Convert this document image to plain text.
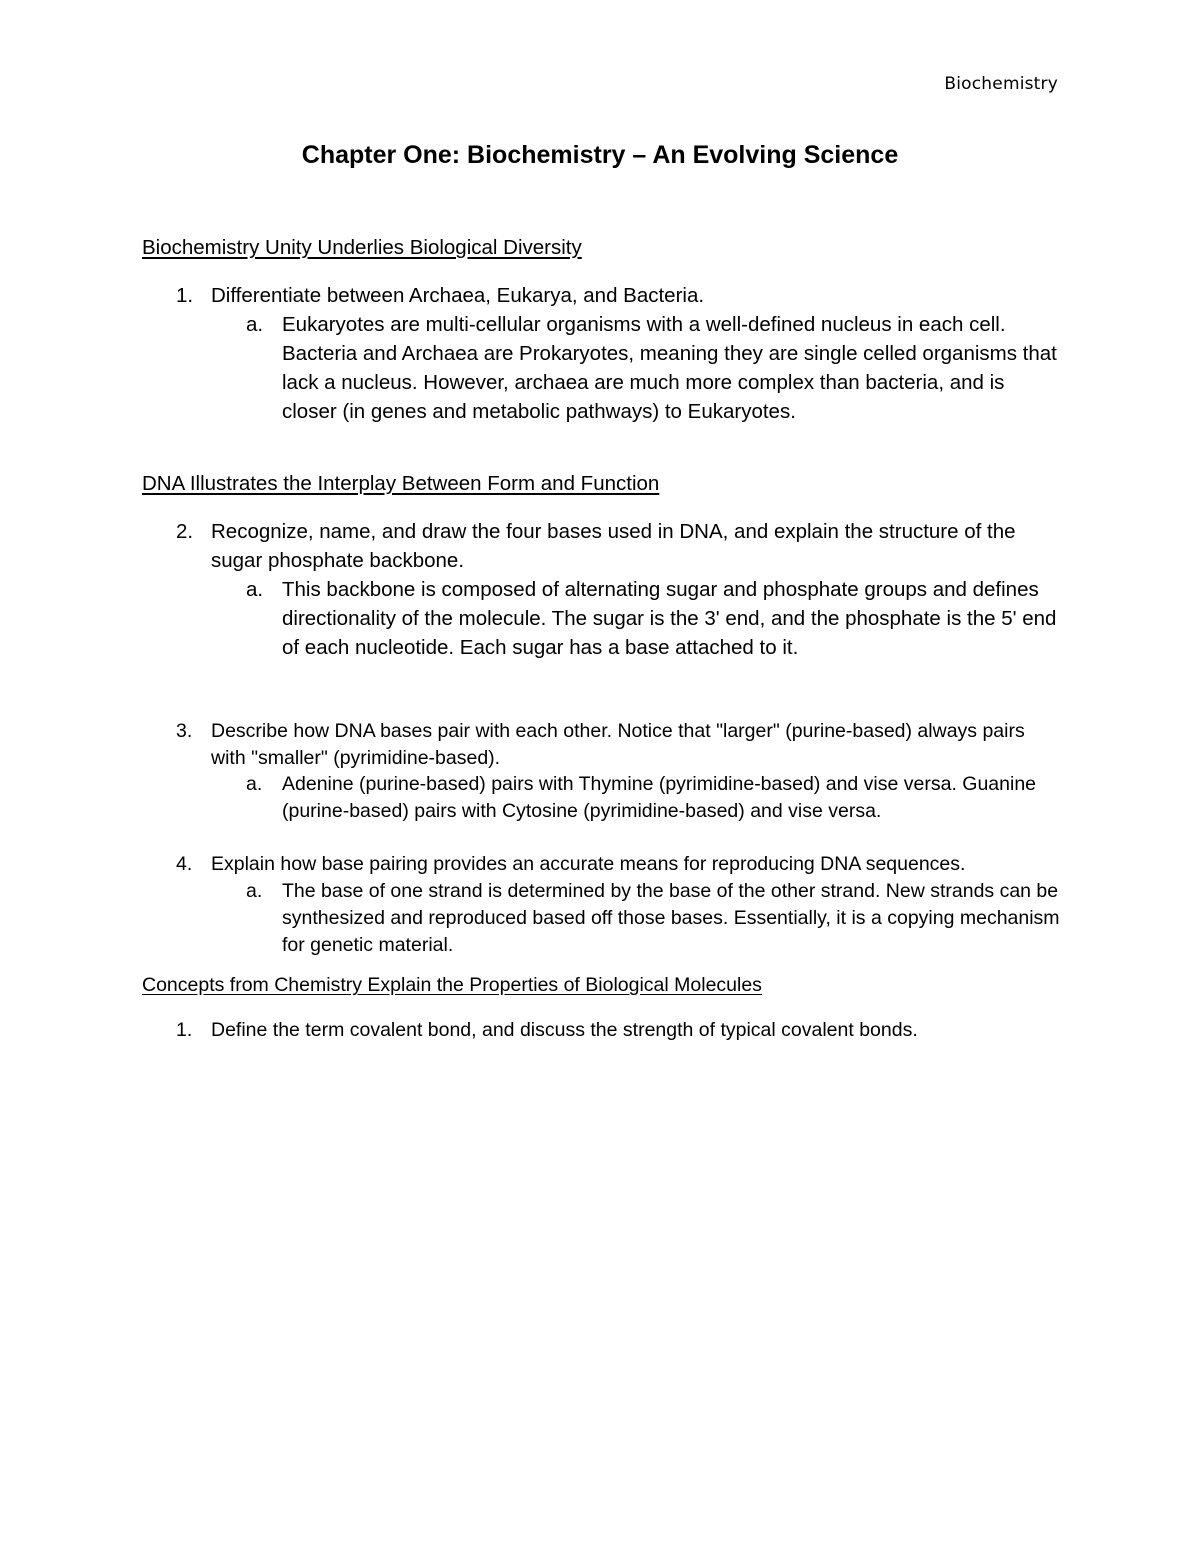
Biochemistry
Chapter One: Biochemistry – An Evolving Science
Biochemistry Unity Underlies Biological Diversity
1. Differentiate between Archaea, Eukarya, and Bacteria.
a. Eukaryotes are multi-cellular organisms with a well-defined nucleus in each cell. Bacteria and Archaea are Prokaryotes, meaning they are single celled organisms that lack a nucleus. However, archaea are much more complex than bacteria, and is closer (in genes and metabolic pathways) to Eukaryotes.
DNA Illustrates the Interplay Between Form and Function
2. Recognize, name, and draw the four bases used in DNA, and explain the structure of the sugar phosphate backbone.
a. This backbone is composed of alternating sugar and phosphate groups and defines directionality of the molecule. The sugar is the 3' end, and the phosphate is the 5' end of each nucleotide. Each sugar has a base attached to it.
3. Describe how DNA bases pair with each other. Notice that "larger" (purine-based) always pairs with "smaller" (pyrimidine-based).
a. Adenine (purine-based) pairs with Thymine (pyrimidine-based) and vise versa. Guanine (purine-based) pairs with Cytosine (pyrimidine-based) and vise versa.
4. Explain how base pairing provides an accurate means for reproducing DNA sequences.
a. The base of one strand is determined by the base of the other strand. New strands can be synthesized and reproduced based off those bases. Essentially, it is a copying mechanism for genetic material.
Concepts from Chemistry Explain the Properties of Biological Molecules
1. Define the term covalent bond, and discuss the strength of typical covalent bonds.
